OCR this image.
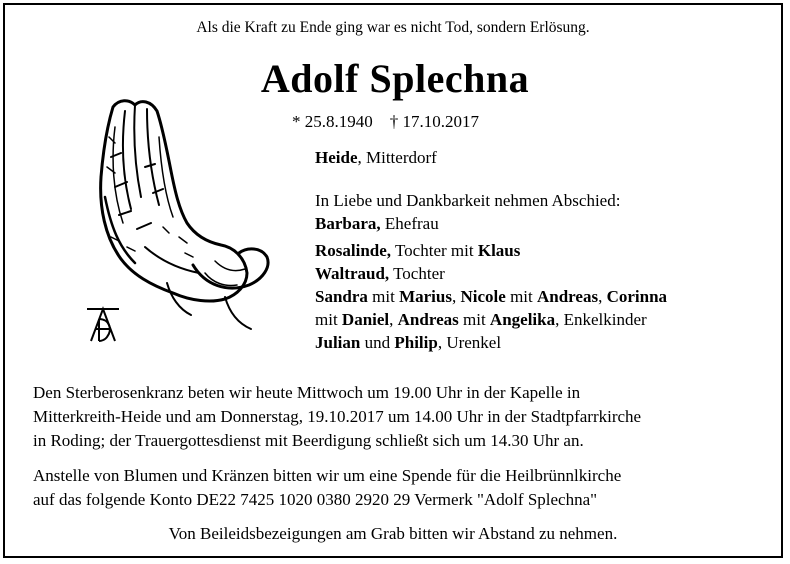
Als die Kraft zu Ende ging war es nicht Tod, sondern Erlösung.
Adolf Splechna
* 25.8.1940 † 17.10.2017
Heide, Mitterdorf
In Liebe und Dankbarkeit nehmen Abschied:
Barbara, Ehefrau
Rosalinde, Tochter mit Klaus
Waltraud, Tochter
Sandra mit Marius, Nicole mit Andreas, Corinna
mit Daniel, Andreas mit Angelika, Enkelkinder
Julian und Philip, Urenkel
Den Sterberosenkranz beten wir heute Mittwoch um 19.00 Uhr in der Kapelle in
Mitterkreith-Heide und am Donnerstag, 19.10.2017 um 14.00 Uhr in der Stadtpfarrkirche
in Roding; der Trauergottesdienst mit Beerdigung schließt sich um 14.30 Uhr an.
Anstelle von Blumen und Kränzen bitten wir um eine Spende für die Heilbrünnlkirche
auf das folgende Konto DE22 7425 1020 0380 2920 29 Vermerk "Adolf Splechna"
Von Beileidsbezeigungen am Grab bitten wir Abstand zu nehmen.
